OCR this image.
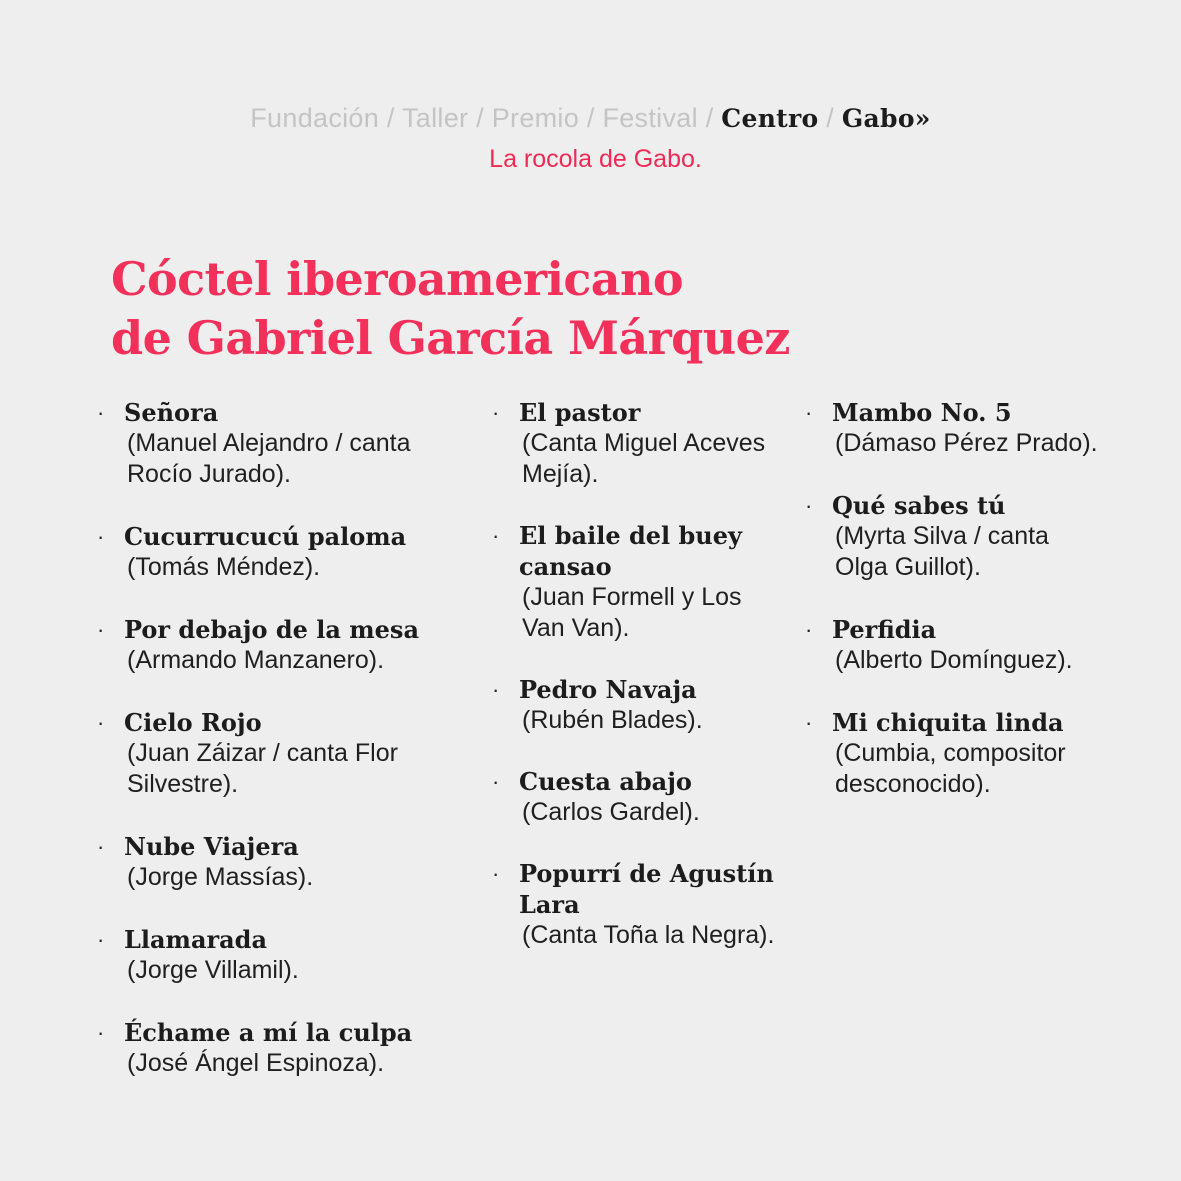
Fundación / Taller / Premio / Festival / Centro / Gabo»
La rocola de Gabo.
Cóctel iberoamericano
de Gabriel García Márquez
· Señora
(Manuel Alejandro / canta Rocío Jurado).
· Cucurrucucú paloma
(Tomás Méndez).
· Por debajo de la mesa
(Armando Manzanero).
· Cielo Rojo
(Juan Záizar / canta Flor Silvestre).
· Nube Viajera
(Jorge Massías).
· Llamarada
(Jorge Villamil).
· Échame a mí la culpa
(José Ángel Espinoza).
· El pastor
(Canta Miguel Aceves Mejía).
· El baile del buey cansao
(Juan Formell y Los Van Van).
· Pedro Navaja
(Rubén Blades).
· Cuesta abajo
(Carlos Gardel).
· Popurrí de Agustín Lara
(Canta Toña la Negra).
· Mambo No. 5
(Dámaso Pérez Prado).
· Qué sabes tú
(Myrta Silva / canta Olga Guillot).
· Perfidia
(Alberto Domínguez).
· Mi chiquita linda
(Cumbia, compositor desconocido).
